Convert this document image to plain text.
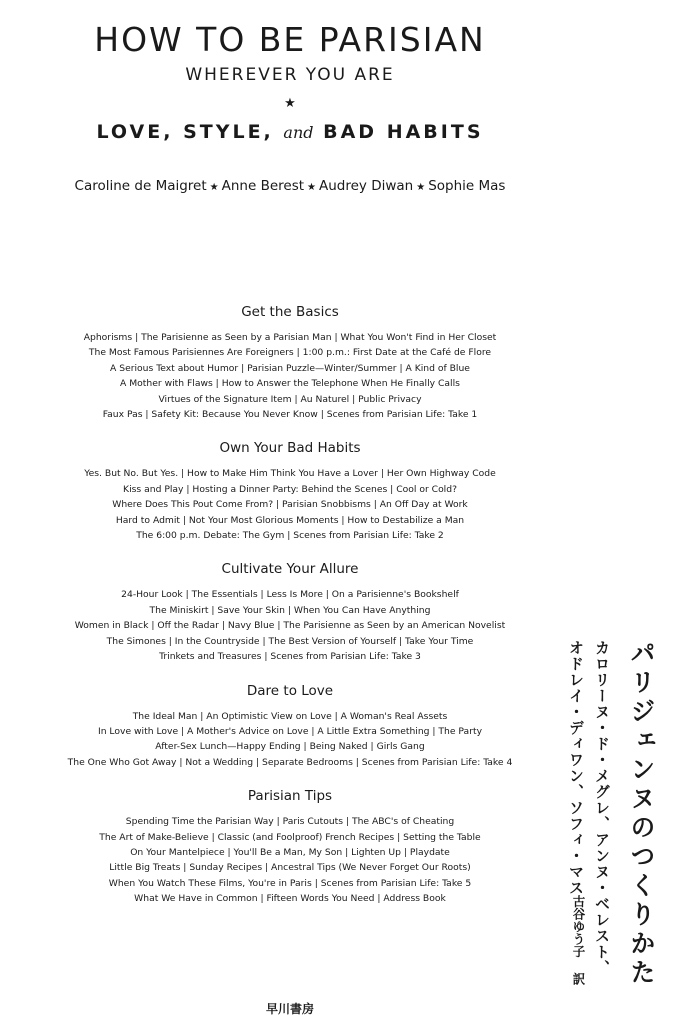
HOW TO BE PARISIAN
WHEREVER YOU ARE
★
LOVE, STYLE, and BAD HABITS
Caroline de Maigret ★ Anne Berest ★ Audrey Diwan ★ Sophie Mas
Get the Basics
Aphorisms | The Parisienne as Seen by a Parisian Man | What You Won't Find in Her Closet
The Most Famous Parisiennes Are Foreigners | 1:00 p.m.: First Date at the Café de Flore
A Serious Text about Humor | Parisian Puzzle—Winter/Summer | A Kind of Blue
A Mother with Flaws | How to Answer the Telephone When He Finally Calls
Virtues of the Signature Item | Au Naturel | Public Privacy
Faux Pas | Safety Kit: Because You Never Know | Scenes from Parisian Life: Take 1
Own Your Bad Habits
Yes. But No. But Yes. | How to Make Him Think You Have a Lover | Her Own Highway Code
Kiss and Play | Hosting a Dinner Party: Behind the Scenes | Cool or Cold?
Where Does This Pout Come From? | Parisian Snobbisms | An Off Day at Work
Hard to Admit | Not Your Most Glorious Moments | How to Destabilize a Man
The 6:00 p.m. Debate: The Gym | Scenes from Parisian Life: Take 2
Cultivate Your Allure
24-Hour Look | The Essentials | Less Is More | On a Parisienne's Bookshelf
The Miniskirt | Save Your Skin | When You Can Have Anything
Women in Black | Off the Radar | Navy Blue | The Parisienne as Seen by an American Novelist
The Simones | In the Countryside | The Best Version of Yourself | Take Your Time
Trinkets and Treasures | Scenes from Parisian Life: Take 3
Dare to Love
The Ideal Man | An Optimistic View on Love | A Woman's Real Assets
In Love with Love | A Mother's Advice on Love | A Little Extra Something | The Party
After-Sex Lunch—Happy Ending | Being Naked | Girls Gang
The One Who Got Away | Not a Wedding | Separate Bedrooms | Scenes from Parisian Life: Take 4
Parisian Tips
Spending Time the Parisian Way | Paris Cutouts | The ABC's of Cheating
The Art of Make-Believe | Classic (and Foolproof) French Recipes | Setting the Table
On Your Mantelpiece | You'll Be a Man, My Son | Lighten Up | Playdate
Little Big Treats | Sunday Recipes | Ancestral Tips (We Never Forget Our Roots)
When You Watch These Films, You're in Paris | Scenes from Parisian Life: Take 5
What We Have in Common | Fifteen Words You Need | Address Book	パリジェンヌのつくりかた
カロリーヌ・ド・メグレ、アンヌ・ベレスト、
オドレイ・ディワン、ソフィ・マス
古谷ゆう子 訳
早川書房
